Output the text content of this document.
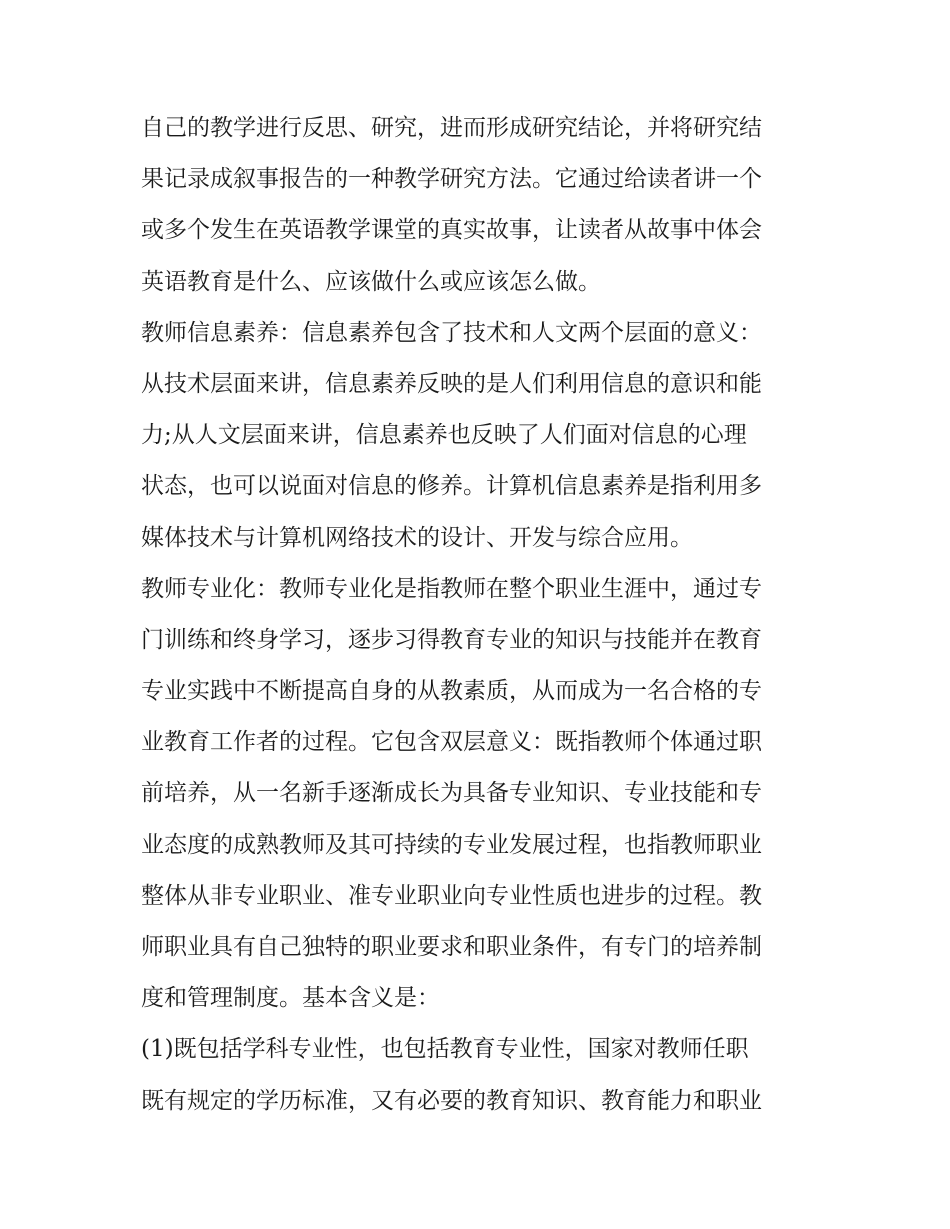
自己的教学进行反思、研究，进而形成研究结论，并将研究结
果记录成叙事报告的一种教学研究方法。它通过给读者讲一个
或多个发生在英语教学课堂的真实故事，让读者从故事中体会
英语教育是什么、应该做什么或应该怎么做。
教师信息素养：信息素养包含了技术和人文两个层面的意义：
从技术层面来讲，信息素养反映的是人们利用信息的意识和能
力;从人文层面来讲，信息素养也反映了人们面对信息的心理
状态，也可以说面对信息的修养。计算机信息素养是指利用多
媒体技术与计算机网络技术的设计、开发与综合应用。
教师专业化：教师专业化是指教师在整个职业生涯中，通过专
门训练和终身学习，逐步习得教育专业的知识与技能并在教育
专业实践中不断提高自身的从教素质，从而成为一名合格的专
业教育工作者的过程。它包含双层意义：既指教师个体通过职
前培养，从一名新手逐渐成长为具备专业知识、专业技能和专
业态度的成熟教师及其可持续的专业发展过程，也指教师职业
整体从非专业职业、准专业职业向专业性质也进步的过程。教
师职业具有自己独特的职业要求和职业条件，有专门的培养制
度和管理制度。基本含义是：
(1)既包括学科专业性，也包括教育专业性，国家对教师任职
既有规定的学历标准，又有必要的教育知识、教育能力和职业
